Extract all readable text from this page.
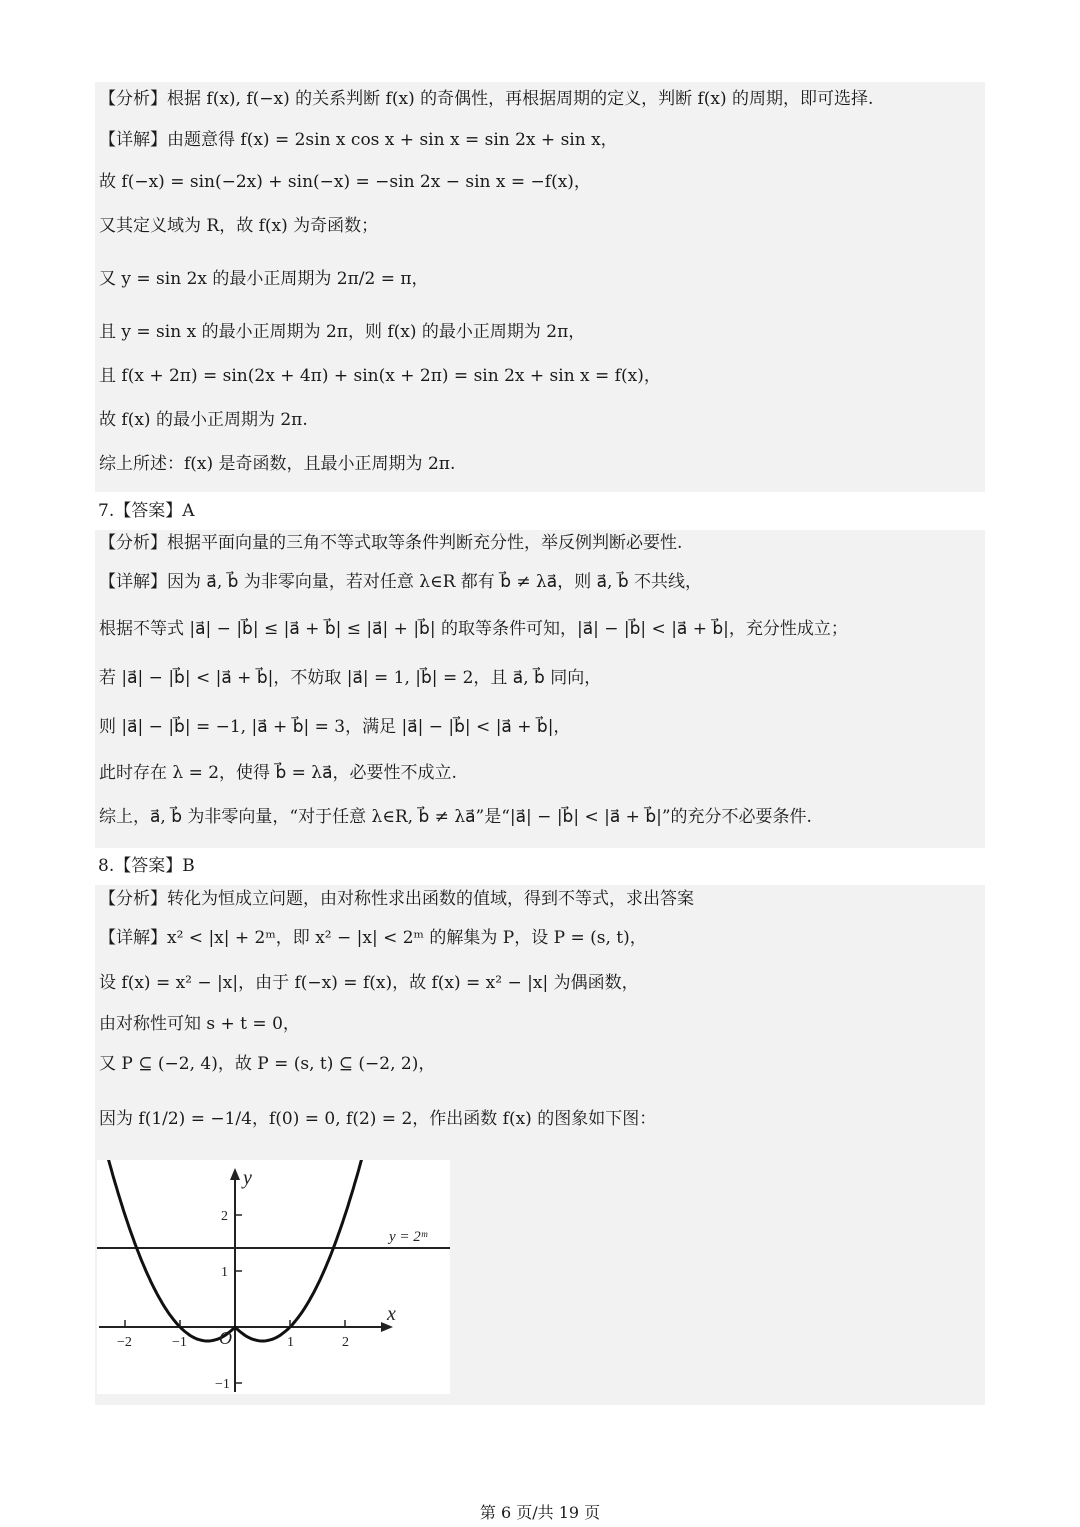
【分析】根据 f(x), f(−x) 的关系判断 f(x) 的奇偶性，再根据周期的定义，判断 f(x) 的周期，即可选择.
【详解】由题意得 f(x) = 2sin x cos x + sin x = sin 2x + sin x，
故 f(−x) = sin(−2x) + sin(−x) = −sin 2x − sin x = −f(x)，
又其定义域为 R，故 f(x) 为奇函数；
又 y = sin 2x 的最小正周期为 2π/2 = π，
且 y = sin x 的最小正周期为 2π，则 f(x) 的最小正周期为 2π，
且 f(x + 2π) = sin(2x + 4π) + sin(x + 2π) = sin 2x + sin x = f(x)，
故 f(x) 的最小正周期为 2π.
综上所述：f(x) 是奇函数，且最小正周期为 2π.
7.【答案】A
【分析】根据平面向量的三角不等式取等条件判断充分性，举反例判断必要性.
【详解】因为 a⃗, b⃗ 为非零向量，若对任意 λ∈R 都有 b⃗ ≠ λa⃗，则 a⃗, b⃗ 不共线，
根据不等式 |a⃗| − |b⃗| ≤ |a⃗ + b⃗| ≤ |a⃗| + |b⃗| 的取等条件可知，|a⃗| − |b⃗| < |a⃗ + b⃗|，充分性成立；
若 |a⃗| − |b⃗| < |a⃗ + b⃗|，不妨取 |a⃗| = 1, |b⃗| = 2，且 a⃗, b⃗ 同向，
则 |a⃗| − |b⃗| = −1, |a⃗ + b⃗| = 3，满足 |a⃗| − |b⃗| < |a⃗ + b⃗|，
此时存在 λ = 2，使得 b⃗ = λa⃗，必要性不成立.
综上，a⃗, b⃗ 为非零向量，“对于任意 λ∈R, b⃗ ≠ λa⃗”是“|a⃗| − |b⃗| < |a⃗ + b⃗|”的充分不必要条件.
8.【答案】B
【分析】转化为恒成立问题，由对称性求出函数的值域，得到不等式，求出答案
【详解】x² < |x| + 2ᵐ，即 x² − |x| < 2ᵐ 的解集为 P，设 P = (s, t)，
设 f(x) = x² − |x|，由于 f(−x) = f(x)，故 f(x) = x² − |x| 为偶函数，
由对称性可知 s + t = 0，
又 P ⊆ (−2, 4)，故 P = (s, t) ⊆ (−2, 2)，
因为 f(1/2) = −1/4，f(0) = 0, f(2) = 2，作出函数 f(x) 的图象如下图：
−2	−1	1	2
2
1
−1
O
x
y
y = 2ᵐ
第 6 页/共 19 页
